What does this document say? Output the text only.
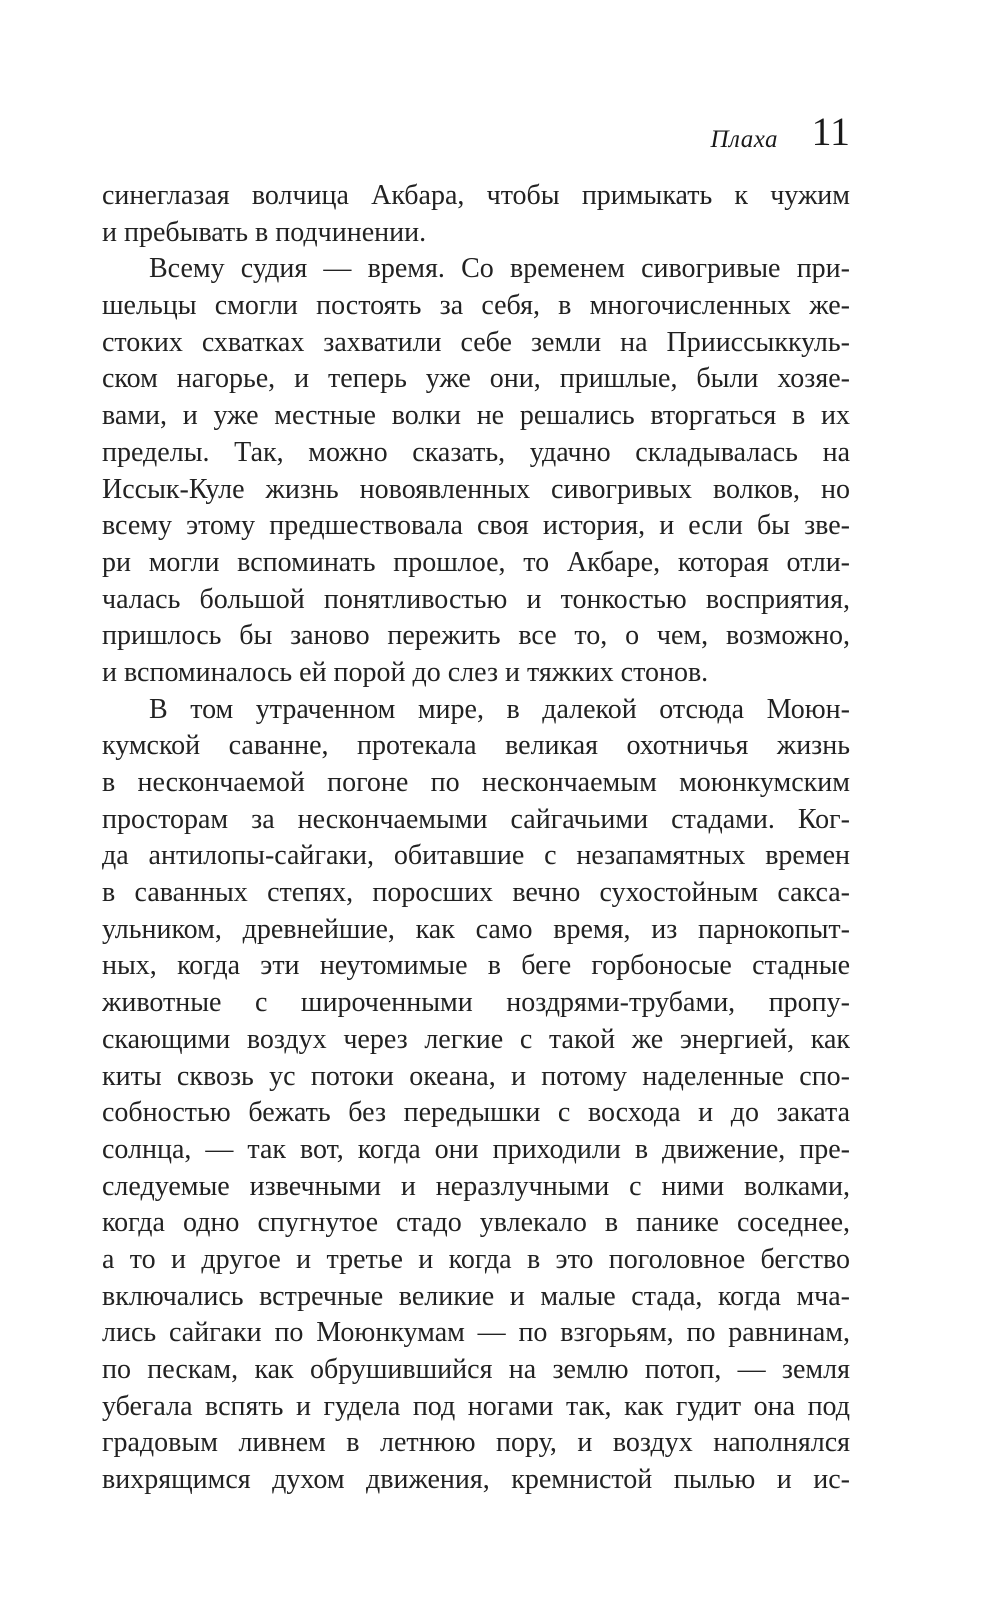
Плаха 11

синеглазая волчица Акбара, чтобы примыкать к чужим
и пребывать в подчинении.

Всему судия — время. Со временем сивогривые при-
шельцы смогли постоять за себя, в многочисленных же-
стоких схватках захватили себе земли на Прииссыккуль-
ском нагорье, и теперь уже они, пришлые, были хозяе-
вами, и уже местные волки не решались вторгаться в их
пределы. Так, можно сказать, удачно складывалась на
Иссык-Куле жизнь новоявленных сивогривых волков, но
всему этому предшествовала своя история, и если бы зве-
ри могли вспоминать прошлое, то Акбаре, которая отли-
чалась большой понятливостью и тонкостью восприятия,
пришлось бы заново пережить все то, о чем, возможно,
и вспоминалось ей порой до слез и тяжких стонов.

В том утраченном мире, в далекой отсюда Моюн-
кумской саванне, протекала великая охотничья жизнь
в нескончаемой погоне по нескончаемым моюнкумским
просторам за нескончаемыми сайгачьими стадами. Ког-
да антилопы-сайгаки, обитавшие с незапамятных времен
в саванных степях, поросших вечно сухостойным сакса-
ульником, древнейшие, как само время, из парнокопыт-
ных, когда эти неутомимые в беге горбоносые стадные
животные с широченными ноздрями-трубами, пропу-
скающими воздух через легкие с такой же энергией, как
киты сквозь ус потоки океана, и потому наделенные спо-
собностью бежать без передышки с восхода и до заката
солнца, — так вот, когда они приходили в движение, пре-
следуемые извечными и неразлучными с ними волками,
когда одно спугнутое стадо увлекало в панике соседнее,
а то и другое и третье и когда в это поголовное бегство
включались встречные великие и малые стада, когда мча-
лись сайгаки по Моюнкумам — по взгорьям, по равнинам,
по пескам, как обрушившийся на землю потоп, — земля
убегала вспять и гудела под ногами так, как гудит она под
градовым ливнем в летнюю пору, и воздух наполнялся
вихрящимся духом движения, кремнистой пылью и ис-
